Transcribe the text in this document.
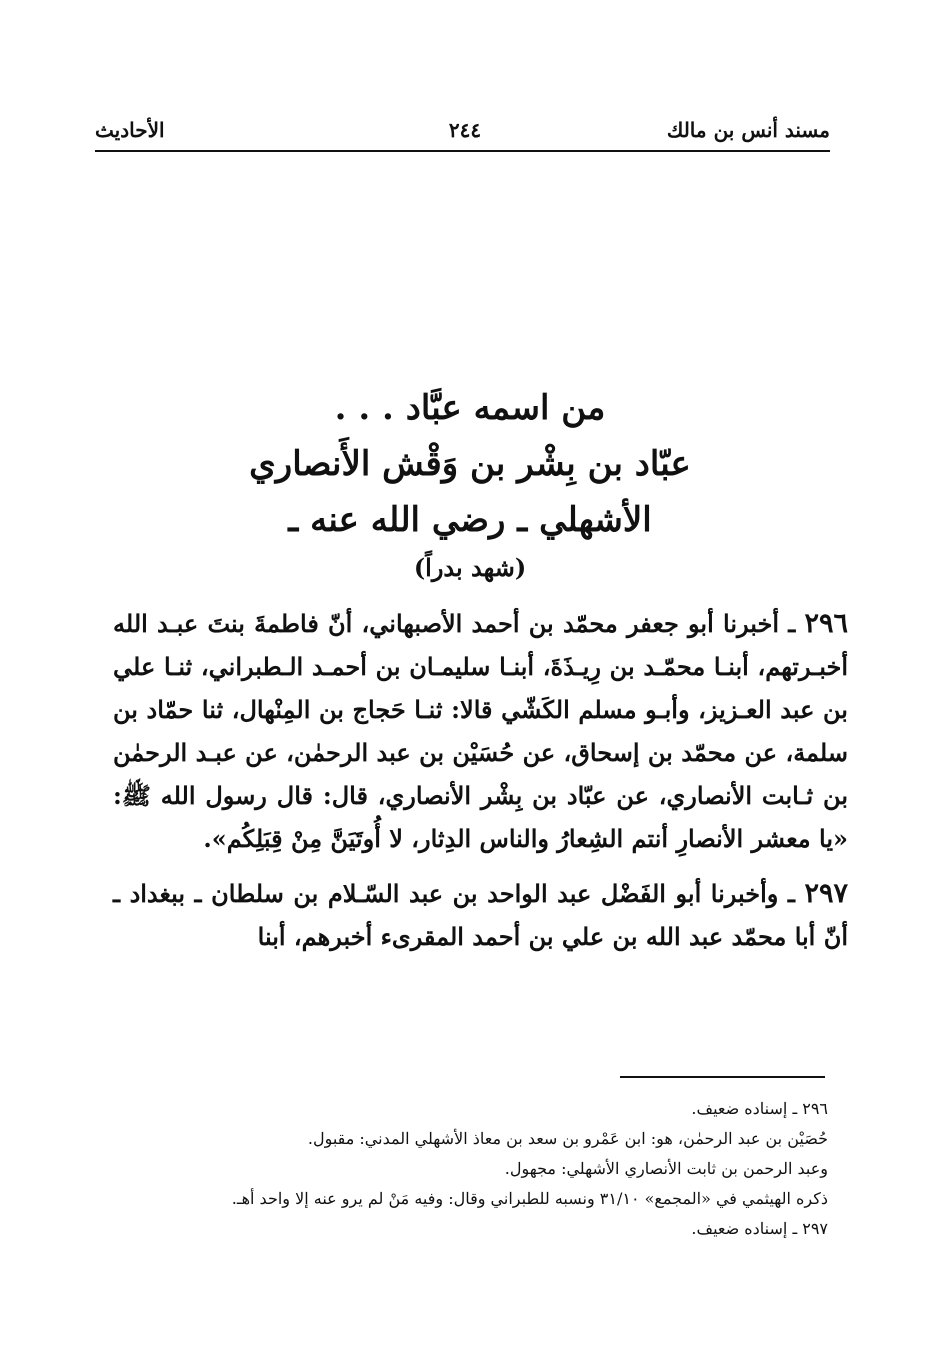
مسند أنس بن مالك
٢٤٤
الأحاديث
من اسمه عبَّاد . . .
عبّاد بن بِشْر بن وَقْش الأَنصاري
الأشهلي ـ رضي الله عنه ـ
(شهد بدراً)

٢٩٦ ـ أخبرنا أبو جعفر محمّد بن أحمد الأصبهاني، أنّ فاطمةَ بنتَ عبـد الله أخبـرتهم، أبنـا محمّـد بن رِيـذَةَ، أبنـا سليمـان بن أحمـد الـطبراني، ثنـا علي بن عبد العـزيز، وأبـو مسلم الكَشّي قالا: ثنـا حَجاج بن المِنْهال، ثنا حمّاد بن سلمة، عن محمّد بن إسحاق، عن حُسَيْن بن عبد الرحمٰن، عن عبـد الرحمٰن بن ثـابت الأنصاري، عن عبّاد بن بِشْر الأنصاري، قال: قال رسول الله ﷺ: «يا معشر الأنصارِ أنتم الشِعارُ والناس الدِثار، لا أُوتَيَنَّ مِنْ قِبَلِكُم».

٢٩٧ ـ وأخبرنا أبو الفَضْل عبد الواحد بن عبد السّـلام بن سلطان ـ ببغداد ـ أنّ أبا محمّد عبد الله بن علي بن أحمد المقرىء أخبرهم، أبنا

٢٩٦ ـ إسناده ضعيف.

حُصَيْن بن عبد الرحمٰن، هو: ابن عَمْرو بن سعد بن معاذ الأشهلي المدني: مقبول.

وعبد الرحمن بن ثابت الأنصاري الأشهلي: مجهول.

ذكره الهيثمي في «المجمع» ٣١/١٠ ونسبه للطبراني وقال: وفيه مَنْ لم يرو عنه إلا واحد أهـ.

٢٩٧ ـ إسناده ضعيف.
